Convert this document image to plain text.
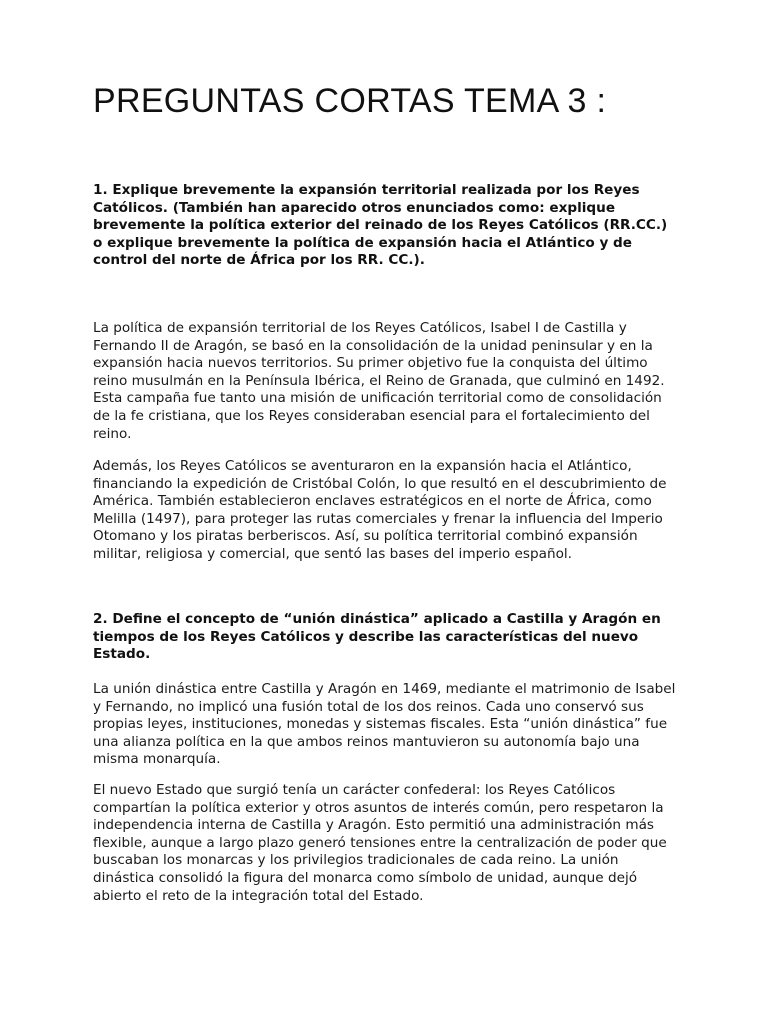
PREGUNTAS CORTAS TEMA 3 :

1. Explique brevemente la expansión territorial realizada por los Reyes Católicos. (También han aparecido otros enunciados como: explique brevemente la política exterior del reinado de los Reyes Católicos (RR.CC.) o explique brevemente la política de expansión hacia el Atlántico y de control del norte de África por los RR. CC.).

La política de expansión territorial de los Reyes Católicos, Isabel I de Castilla y Fernando II de Aragón, se basó en la consolidación de la unidad peninsular y en la expansión hacia nuevos territorios. Su primer objetivo fue la conquista del último reino musulmán en la Península Ibérica, el Reino de Granada, que culminó en 1492. Esta campaña fue tanto una misión de unificación territorial como de consolidación de la fe cristiana, que los Reyes consideraban esencial para el fortalecimiento del reino.

Además, los Reyes Católicos se aventuraron en la expansión hacia el Atlántico, financiando la expedición de Cristóbal Colón, lo que resultó en el descubrimiento de América. También establecieron enclaves estratégicos en el norte de África, como Melilla (1497), para proteger las rutas comerciales y frenar la influencia del Imperio Otomano y los piratas berberiscos. Así, su política territorial combinó expansión militar, religiosa y comercial, que sentó las bases del imperio español.

2. Define el concepto de “unión dinástica” aplicado a Castilla y Aragón en tiempos de los Reyes Católicos y describe las características del nuevo Estado.

La unión dinástica entre Castilla y Aragón en 1469, mediante el matrimonio de Isabel y Fernando, no implicó una fusión total de los dos reinos. Cada uno conservó sus propias leyes, instituciones, monedas y sistemas fiscales. Esta “unión dinástica” fue una alianza política en la que ambos reinos mantuvieron su autonomía bajo una misma monarquía.

El nuevo Estado que surgió tenía un carácter confederal: los Reyes Católicos compartían la política exterior y otros asuntos de interés común, pero respetaron la independencia interna de Castilla y Aragón. Esto permitió una administración más flexible, aunque a largo plazo generó tensiones entre la centralización de poder que buscaban los monarcas y los privilegios tradicionales de cada reino. La unión dinástica consolidó la figura del monarca como símbolo de unidad, aunque dejó abierto el reto de la integración total del Estado.
